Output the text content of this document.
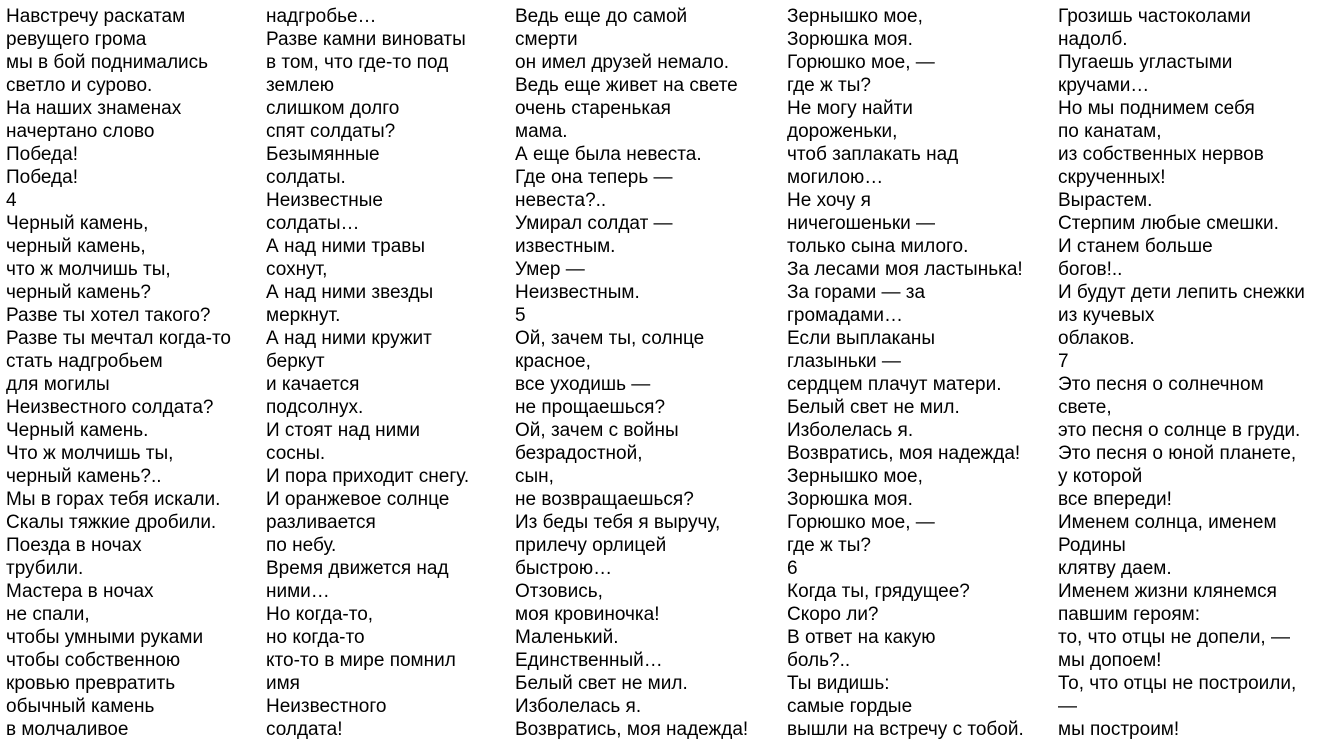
Навстречу раскатам
ревущего грома
мы в бой поднимались
светло и сурово.
На наших знаменах
начертано слово
Победа!
Победа!
4
Черный камень,
черный камень,
что ж молчишь ты,
черный камень?
Разве ты хотел такого?
Разве ты мечтал когда-то
стать надгробьем
для могилы
Неизвестного солдата?
Черный камень.
Что ж молчишь ты,
черный камень?..
Мы в горах тебя искали.
Скалы тяжкие дробили.
Поезда в ночах
трубили.
Мастера в ночах
не спали,
чтобы умными руками
чтобы собственною
кровью превратить
обычный камень
в молчаливое
надгробье…
Разве камни виноваты
в том, что где-то под
землею
слишком долго
спят солдаты?
Безымянные
солдаты.
Неизвестные
солдаты…
А над ними травы
сохнут,
А над ними звезды
меркнут.
А над ними кружит
беркут
и качается
подсолнух.
И стоят над ними
сосны.
И пора приходит снегу.
И оранжевое солнце
разливается
по небу.
Время движется над
ними…
Но когда-то,
но когда-то
кто-то в мире помнил
имя
Неизвестного
солдата!
Ведь еще до самой
смерти
он имел друзей немало.
Ведь еще живет на свете
очень старенькая
мама.
А еще была невеста.
Где она теперь —
невеста?..
Умирал солдат —
известным.
Умер —
Неизвестным.
5
Ой, зачем ты, солнце
красное,
все уходишь —
не прощаешься?
Ой, зачем с войны
безрадостной,
сын,
не возвращаешься?
Из беды тебя я выручу,
прилечу орлицей
быстрою…
Отзовись,
моя кровиночка!
Маленький.
Единственный…
Белый свет не мил.
Изболелась я.
Возвратись, моя надежда!
Зернышко мое,
Зорюшка моя.
Горюшко мое, —
где ж ты?
Не могу найти
дороженьки,
чтоб заплакать над
могилою…
Не хочу я
ничегошеньки —
только сына милого.
За лесами моя ластынька!
За горами — за
громадами…
Если выплаканы
глазыньки —
сердцем плачут матери.
Белый свет не мил.
Изболелась я.
Возвратись, моя надежда!
Зернышко мое,
Зорюшка моя.
Горюшко мое, —
где ж ты?
6
Когда ты, грядущее?
Скоро ли?
В ответ на какую
боль?..
Ты видишь:
самые гордые
вышли на встречу с тобой.
Грозишь частоколами
надолб.
Пугаешь угластыми
кручами…
Но мы поднимем себя
по канатам,
из собственных нервов
скрученных!
Вырастем.
Стерпим любые смешки.
И станем больше
богов!..
И будут дети лепить снежки
из кучевых
облаков.
7
Это песня о солнечном
свете,
это песня о солнце в груди.
Это песня о юной планете,
у которой
все впереди!
Именем солнца, именем
Родины
клятву даем.
Именем жизни клянемся
павшим героям:
то, что отцы не допели, —
мы допоем!
То, что отцы не построили,
—
мы построим!
